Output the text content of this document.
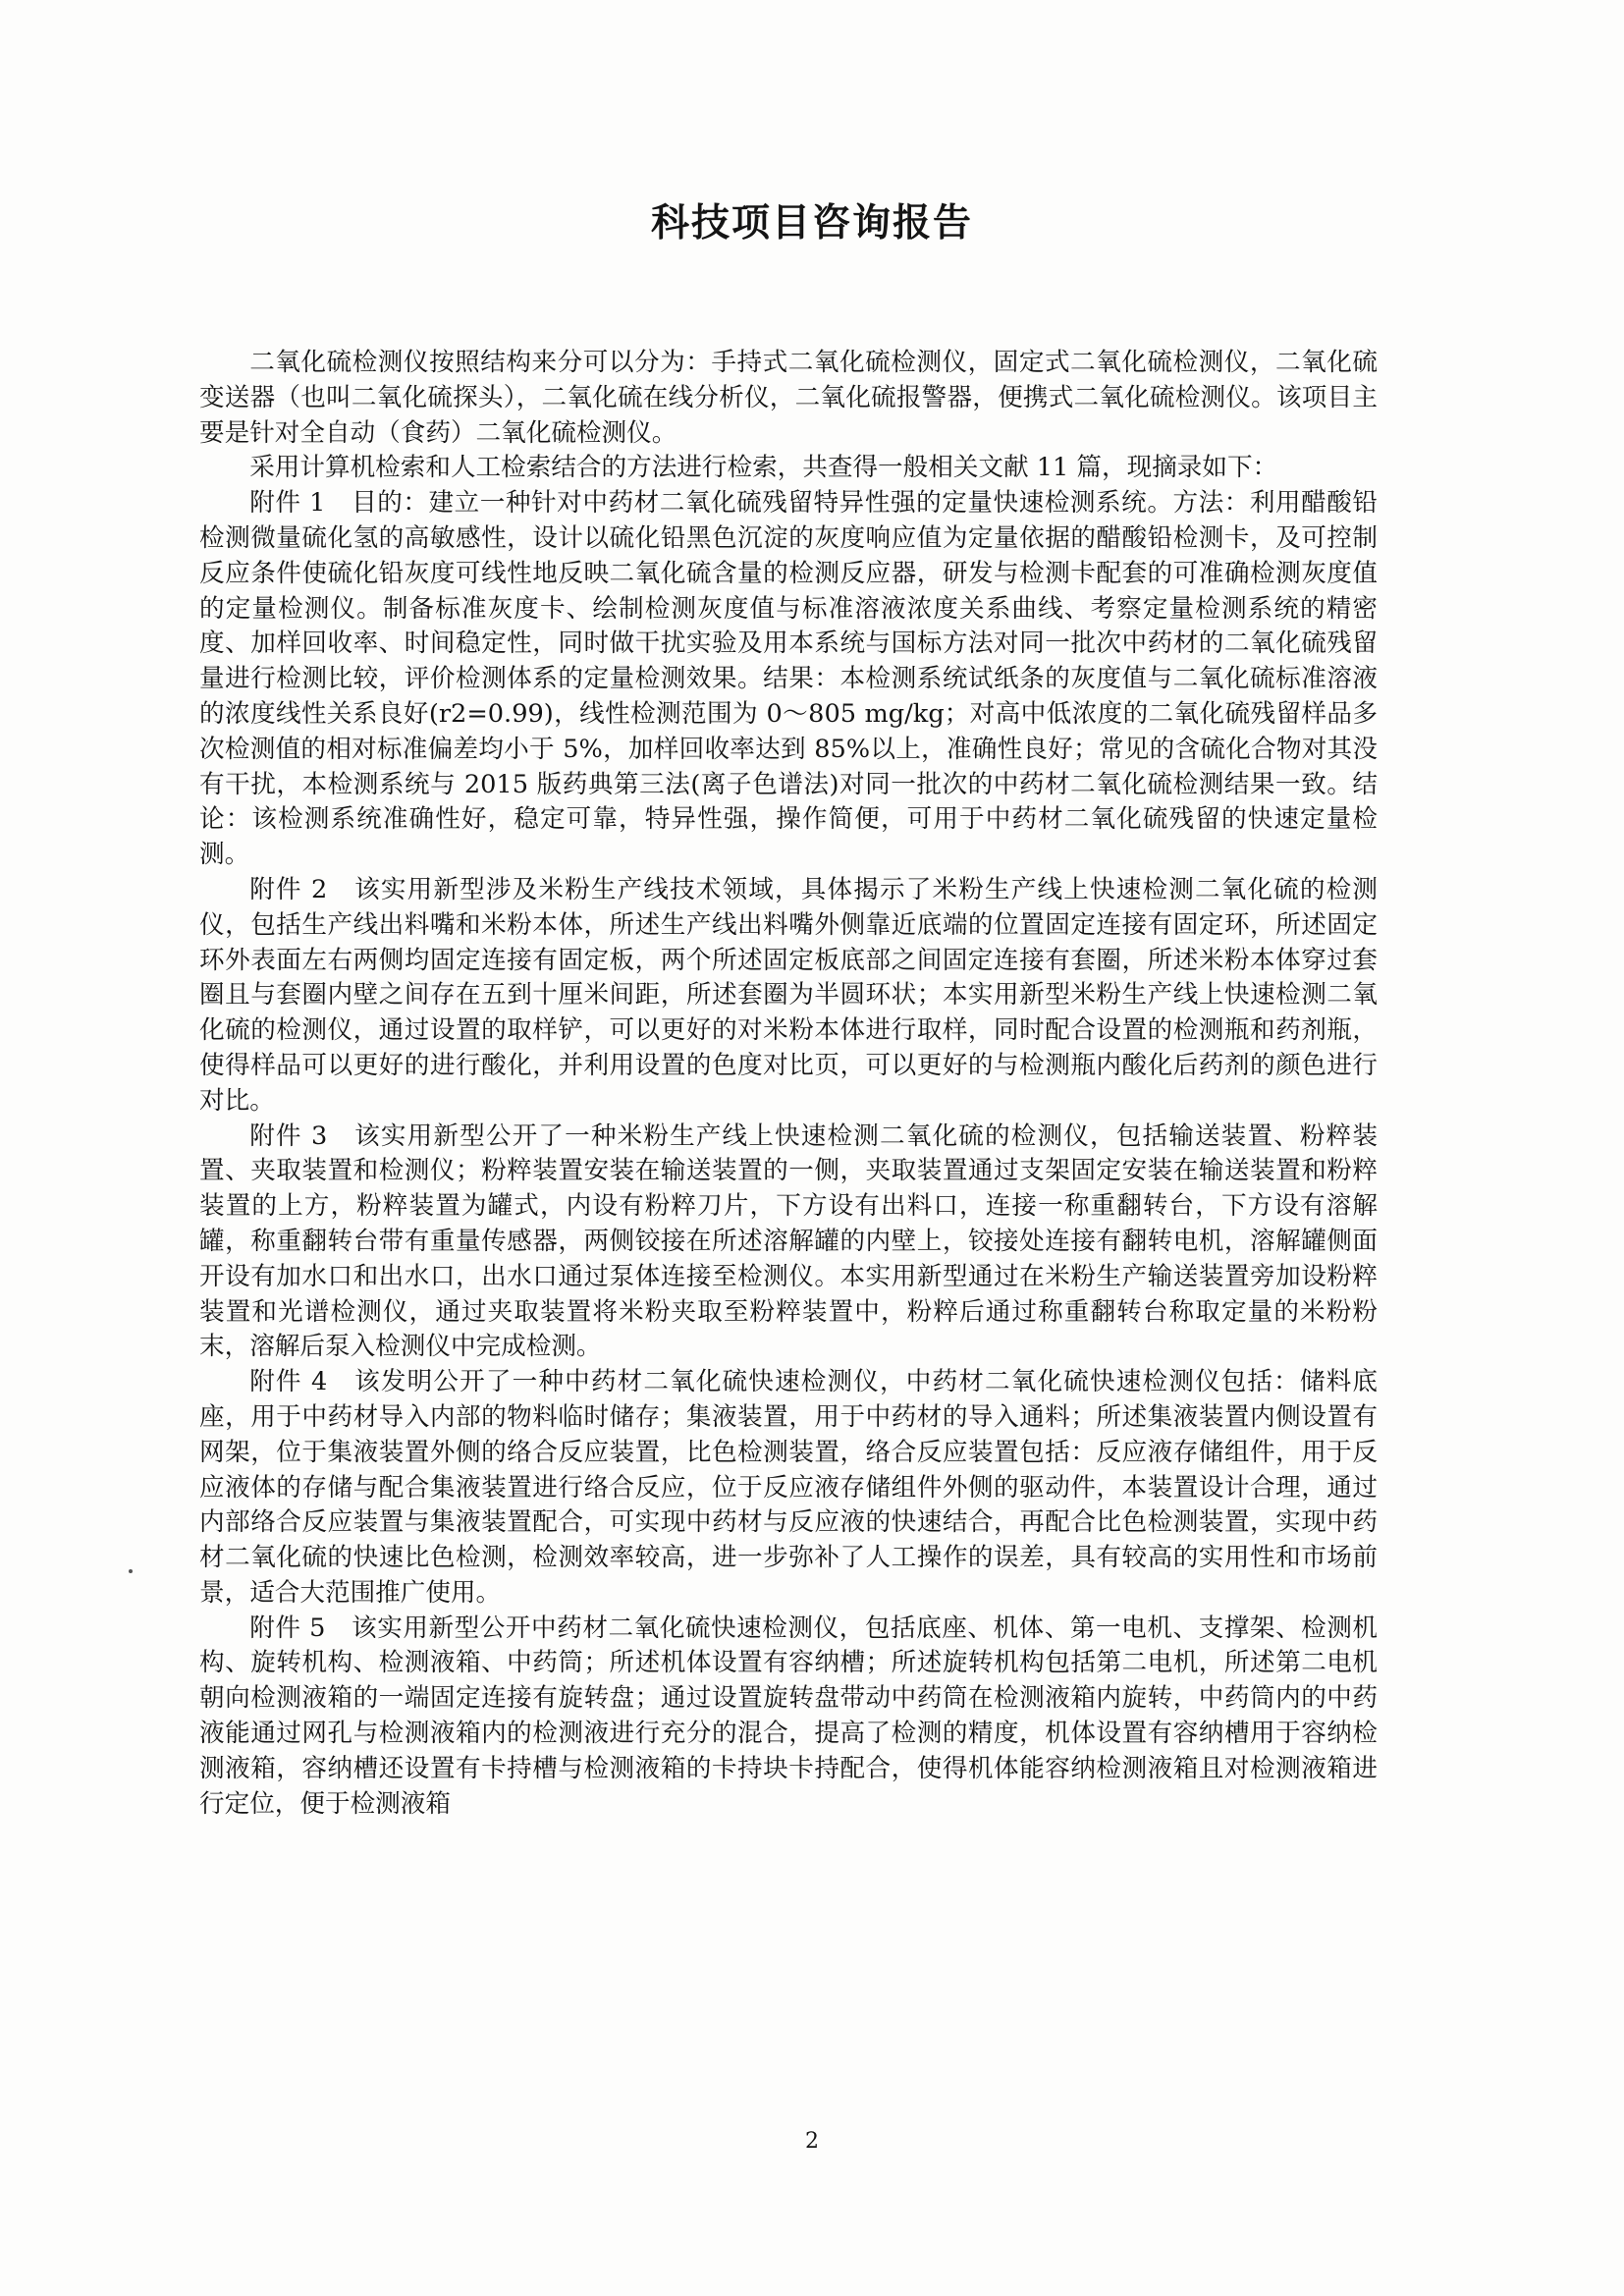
科技项目咨询报告

二氧化硫检测仪按照结构来分可以分为：手持式二氧化硫检测仪，固定式二氧化硫检测仪，二氧化硫变送器（也叫二氧化硫探头），二氧化硫在线分析仪，二氧化硫报警器，便携式二氧化硫检测仪。该项目主要是针对全自动（食药）二氧化硫检测仪。

采用计算机检索和人工检索结合的方法进行检索，共查得一般相关文献 11 篇，现摘录如下：

附件 1　目的：建立一种针对中药材二氧化硫残留特异性强的定量快速检测系统。方法：利用醋酸铅检测微量硫化氢的高敏感性，设计以硫化铅黑色沉淀的灰度响应值为定量依据的醋酸铅检测卡，及可控制反应条件使硫化铅灰度可线性地反映二氧化硫含量的检测反应器，研发与检测卡配套的可准确检测灰度值的定量检测仪。制备标准灰度卡、绘制检测灰度值与标准溶液浓度关系曲线、考察定量检测系统的精密度、加样回收率、时间稳定性，同时做干扰实验及用本系统与国标方法对同一批次中药材的二氧化硫残留量进行检测比较，评价检测体系的定量检测效果。结果：本检测系统试纸条的灰度值与二氧化硫标准溶液的浓度线性关系良好(r2=0.99)，线性检测范围为 0～805 mg/kg；对高中低浓度的二氧化硫残留样品多次检测值的相对标准偏差均小于 5%，加样回收率达到 85%以上，准确性良好；常见的含硫化合物对其没有干扰，本检测系统与 2015 版药典第三法(离子色谱法)对同一批次的中药材二氧化硫检测结果一致。结论：该检测系统准确性好，稳定可靠，特异性强，操作简便，可用于中药材二氧化硫残留的快速定量检测。

附件 2　该实用新型涉及米粉生产线技术领域，具体揭示了米粉生产线上快速检测二氧化硫的检测仪，包括生产线出料嘴和米粉本体，所述生产线出料嘴外侧靠近底端的位置固定连接有固定环，所述固定环外表面左右两侧均固定连接有固定板，两个所述固定板底部之间固定连接有套圈，所述米粉本体穿过套圈且与套圈内壁之间存在五到十厘米间距，所述套圈为半圆环状；本实用新型米粉生产线上快速检测二氧化硫的检测仪，通过设置的取样铲，可以更好的对米粉本体进行取样，同时配合设置的检测瓶和药剂瓶，使得样品可以更好的进行酸化，并利用设置的色度对比页，可以更好的与检测瓶内酸化后药剂的颜色进行对比。

附件 3　该实用新型公开了一种米粉生产线上快速检测二氧化硫的检测仪，包括输送装置、粉粹装置、夹取装置和检测仪；粉粹装置安装在输送装置的一侧，夹取装置通过支架固定安装在输送装置和粉粹装置的上方，粉粹装置为罐式，内设有粉粹刀片，下方设有出料口，连接一称重翻转台，下方设有溶解罐，称重翻转台带有重量传感器，两侧铰接在所述溶解罐的内壁上，铰接处连接有翻转电机，溶解罐侧面开设有加水口和出水口，出水口通过泵体连接至检测仪。本实用新型通过在米粉生产输送装置旁加设粉粹装置和光谱检测仪，通过夹取装置将米粉夹取至粉粹装置中，粉粹后通过称重翻转台称取定量的米粉粉末，溶解后泵入检测仪中完成检测。

附件 4　该发明公开了一种中药材二氧化硫快速检测仪，中药材二氧化硫快速检测仪包括：储料底座，用于中药材导入内部的物料临时储存；集液装置，用于中药材的导入通料；所述集液装置内侧设置有网架，位于集液装置外侧的络合反应装置，比色检测装置，络合反应装置包括：反应液存储组件，用于反应液体的存储与配合集液装置进行络合反应，位于反应液存储组件外侧的驱动件，本装置设计合理，通过内部络合反应装置与集液装置配合，可实现中药材与反应液的快速结合，再配合比色检测装置，实现中药材二氧化硫的快速比色检测，检测效率较高，进一步弥补了人工操作的误差，具有较高的实用性和市场前景，适合大范围推广使用。

附件 5　该实用新型公开中药材二氧化硫快速检测仪，包括底座、机体、第一电机、支撑架、检测机构、旋转机构、检测液箱、中药筒；所述机体设置有容纳槽；所述旋转机构包括第二电机，所述第二电机朝向检测液箱的一端固定连接有旋转盘；通过设置旋转盘带动中药筒在检测液箱内旋转，中药筒内的中药液能通过网孔与检测液箱内的检测液进行充分的混合，提高了检测的精度，机体设置有容纳槽用于容纳检测液箱，容纳槽还设置有卡持槽与检测液箱的卡持块卡持配合，使得机体能容纳检测液箱且对检测液箱进行定位，便于检测液箱

2
